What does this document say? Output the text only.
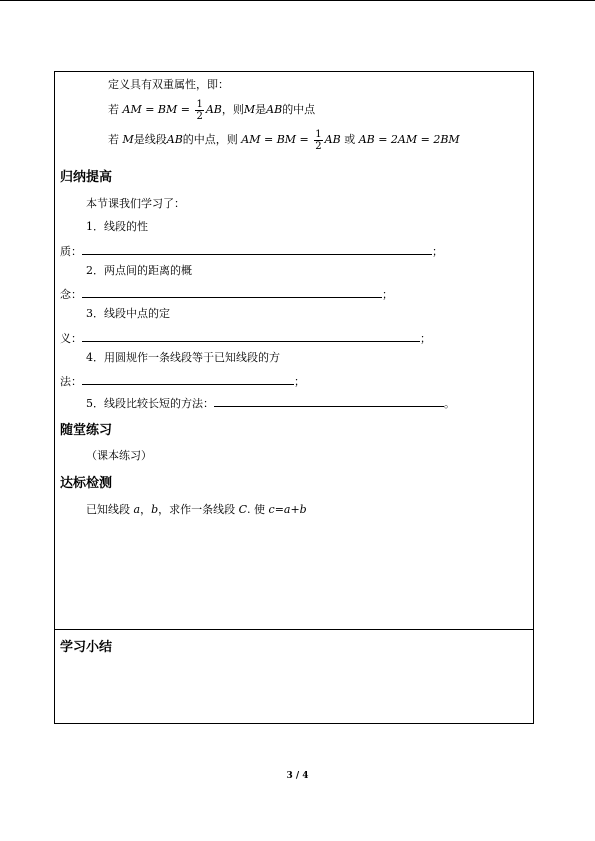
定义具有双重属性，即：
若 AM = BM = $\frac{1}{2}$ AB，则M是AB的中点
若 M是线段AB的中点，则 AM = BM = $\frac{1}{2}$ AB 或 AB = 2AM = 2BM
归纳提高
本节课我们学习了：
1．线段的性
质：	；
2．两点间的距离的概
念：	；
3．线段中点的定
义：	；
4．用圆规作一条线段等于已知线段的方
法：	；
5．线段比较长短的方法：	。
随堂练习
（课本练习）
达标检测
已知线段 a，b，求作一条线段 C. 使 c=a+b
学习小结
3 / 4
